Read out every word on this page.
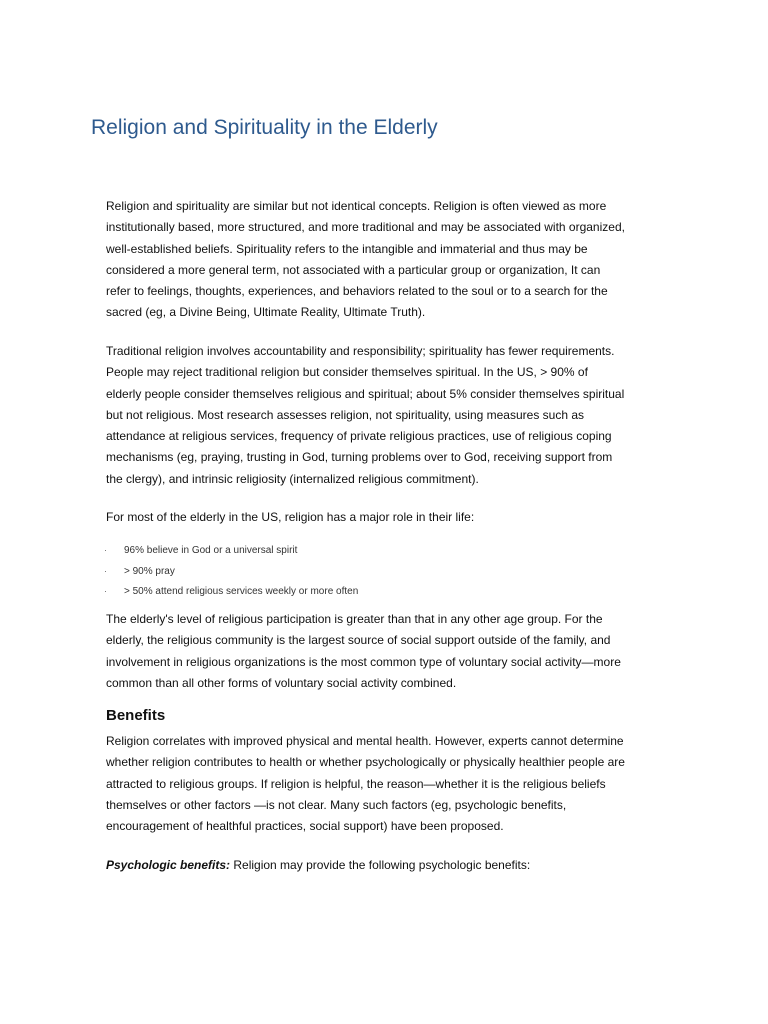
Religion and Spirituality in the Elderly

Religion and spirituality are similar but not identical concepts. Religion is often viewed as more institutionally based, more structured, and more traditional and may be associated with organized, well-established beliefs. Spirituality refers to the intangible and immaterial and thus may be considered a more general term, not associated with a particular group or organization, It can refer to feelings, thoughts, experiences, and behaviors related to the soul or to a search for the sacred (eg, a Divine Being, Ultimate Reality, Ultimate Truth).

Traditional religion involves accountability and responsibility; spirituality has fewer requirements. People may reject traditional religion but consider themselves spiritual. In the US, > 90% of elderly people consider themselves religious and spiritual; about 5% consider themselves spiritual but not religious. Most research assesses religion, not spirituality, using measures such as attendance at religious services, frequency of private religious practices, use of religious coping mechanisms (eg, praying, trusting in God, turning problems over to God, receiving support from the clergy), and intrinsic religiosity (internalized religious commitment).

For most of the elderly in the US, religion has a major role in their life:

· 96% believe in God or a universal spirit
· > 90% pray
· > 50% attend religious services weekly or more often

The elderly's level of religious participation is greater than that in any other age group. For the elderly, the religious community is the largest source of social support outside of the family, and involvement in religious organizations is the most common type of voluntary social activity—more common than all other forms of voluntary social activity combined.

Benefits

Religion correlates with improved physical and mental health. However, experts cannot determine whether religion contributes to health or whether psychologically or physically healthier people are attracted to religious groups. If religion is helpful, the reason—whether it is the religious beliefs themselves or other factors —is not clear. Many such factors (eg, psychologic benefits, encouragement of healthful practices, social support) have been proposed.

Psychologic benefits: Religion may provide the following psychologic benefits:
